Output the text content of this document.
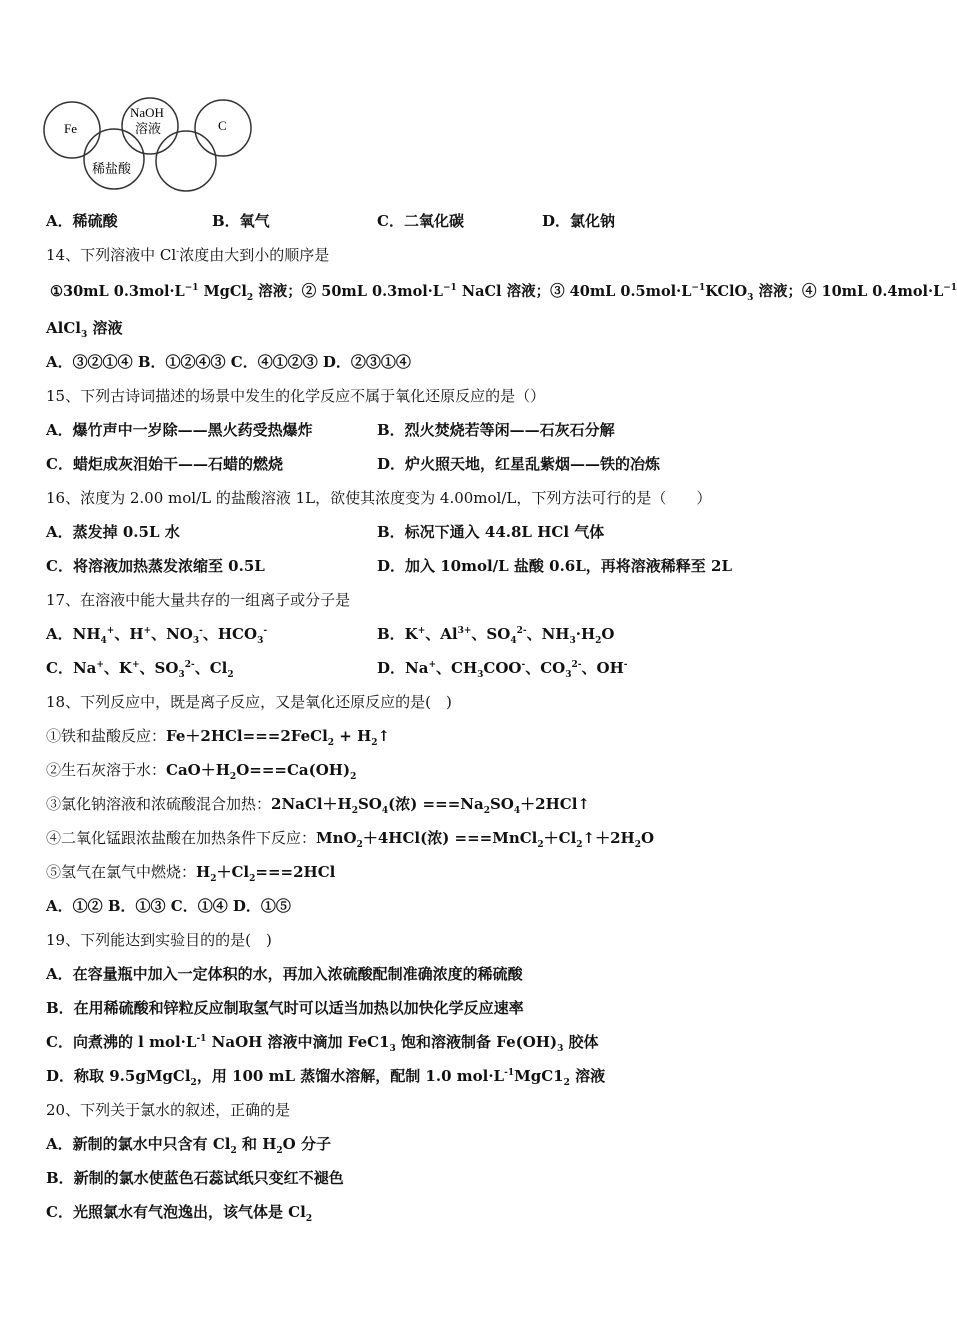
Fe
NaOH
溶液	C
稀盐酸
A．稀硫酸	B．氧气	C．二氧化碳	D．氯化钠
14、下列溶液中 Cl-浓度由大到小的顺序是
①30mL $0.3mol\cdot L^{-1}$ MgCl$_2$ 溶液；② 50mL $0.3mol\cdot L^{-1}$ NaCl 溶液；③ 40mL $0.5mol\cdot L^{-1}KClO_3$ 溶液；④ 10mL $0.4mol\cdot L^{-1}$
AlCl$_3$ 溶液
A．③②①④ B．①②④③ C．④①②③ D．②③①④
15、下列古诗词描述的场景中发生的化学反应不属于氧化还原反应的是（）
A．爆竹声中一岁除——黑火药受热爆炸	B．烈火焚烧若等闲——石灰石分解
C．蜡炬成灰泪始干——石蜡的燃烧	D．炉火照天地，红星乱紫烟——铁的冶炼
16、浓度为 2.00 mol/L 的盐酸溶液 1L，欲使其浓度变为 4.00mol/L，下列方法可行的是（　　）
A．蒸发掉 0.5L 水	B．标况下通入 44.8L HCl 气体
C．将溶液加热蒸发浓缩至 0.5L	D．加入 10mol/L 盐酸 0.6L，再将溶液稀释至 2L
17、在溶液中能大量共存的一组离子或分子是
A．$NH_4^+$、H+、$NO_3^-$、$HCO_3^-$	B．K+、$Al^{3+}$、$SO_4^{2-}$、$NH_3\cdot H_2O$
C．Na+、K+、$SO_3^{2-}$、$Cl_2$	D．Na+、$CH_3COO^-$、$CO_3^{2-}$、OH-
18、下列反应中，既是离子反应，又是氧化还原反应的是(　)
①铁和盐酸反应：Fe＋2HCl===2FeCl$_2$ + $H_2↑$
②生石灰溶于水：$CaO+H_2O===Ca(OH)_2$
③氯化钠溶液和浓硫酸混合加热：$2NaCl+H_2SO_4$(浓) $===Na_2SO_4+2HCl↑$
④二氧化锰跟浓盐酸在加热条件下反应：MnO$_2$＋4HCl(浓) $===MnCl_2+Cl_2↑+2H_2O$
⑤氢气在氯气中燃烧：$H_2+Cl_2===2HCl$
A．①② B．①③ C．①④ D．①⑤
19、下列能达到实验目的的是(　)
A．在容量瓶中加入一定体积的水，再加入浓硫酸配制准确浓度的稀硫酸
B．在用稀硫酸和锌粒反应制取氢气时可以适当加热以加快化学反应速率
C．向煮沸的 l $mol\cdot L^{-1}$ NaOH 溶液中滴加 $FeC1_3$ 饱和溶液制备 $Fe(OH)_3$ 胶体
D．称取 9.5gMgCl$_2$，用 100 mL 蒸馏水溶解，配制 1.0 $mol\cdot L^{-1}MgC1_2$ 溶液
20、下列关于氯水的叙述，正确的是
A．新制的氯水中只含有 $Cl_2$ 和 $H_2O$ 分子
B．新制的氯水使蓝色石蕊试纸只变红不褪色
C．光照氯水有气泡逸出，该气体是 $Cl_2$
